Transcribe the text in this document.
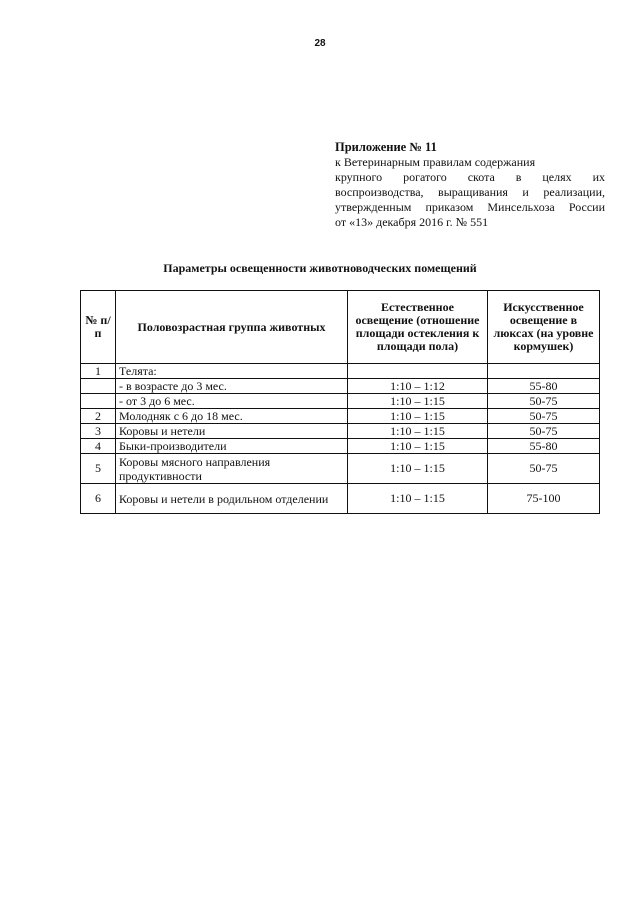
28
Приложение № 11
к Ветеринарным правилам содержания
крупного рогатого скота в целях их
воспроизводства, выращивания и реализации,
утвержденным приказом Минсельхоза России
от «13» декабря 2016 г. № 551
Параметры освещенности животноводческих помещений
№ п/п	Половозрастная группа животных	Естественное освещение (отношение площади остекления к площади пола)	Искусственное освещение в люксах (на уровне кормушек)
1	Телята:		
	- в возрасте до 3 мес.	1:10 – 1:12	55-80
	- от 3 до 6 мес.	1:10 – 1:15	50-75
2	Молодняк с 6 до 18 мес.	1:10 – 1:15	50-75
3	Коровы и нетели	1:10 – 1:15	50-75
4	Быки-производители	1:10 – 1:15	55-80
5	Коровы мясного направления продуктивности	1:10 – 1:15	50-75
6	Коровы и нетели в родильном отделении	1:10 – 1:15	75-100
